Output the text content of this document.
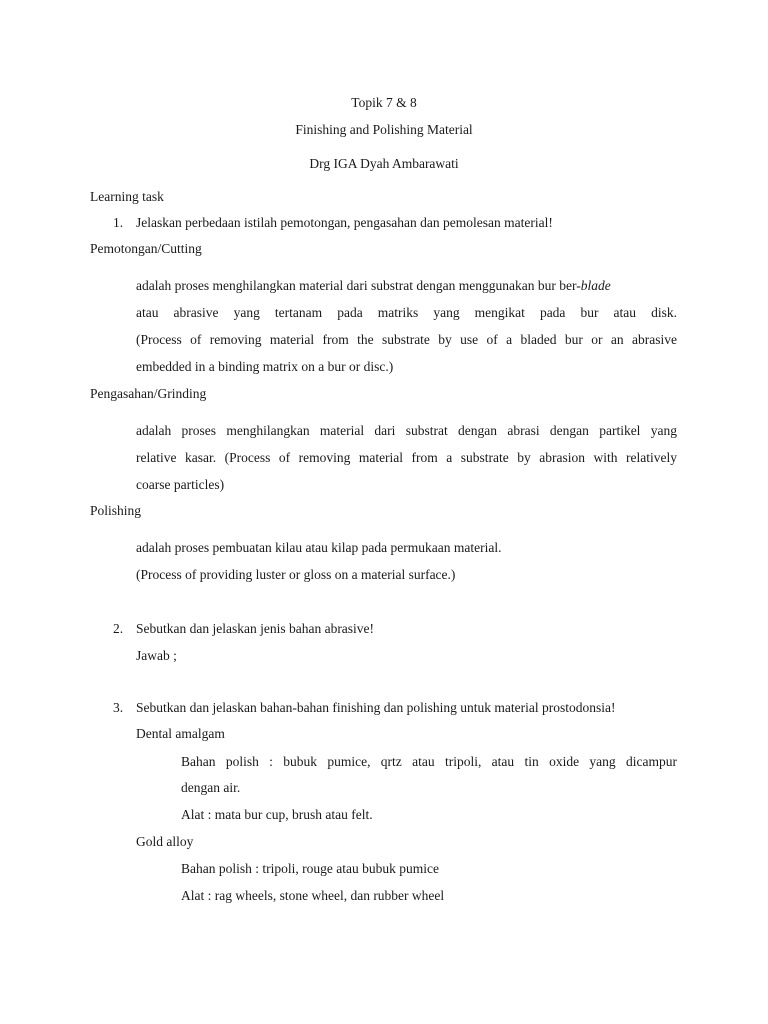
Topik 7 & 8
Finishing and Polishing Material
Drg IGA Dyah Ambarawati
Learning task
1. Jelaskan perbedaan istilah pemotongan, pengasahan dan pemolesan material!
Pemotongan/Cutting
adalah proses menghilangkan material dari substrat dengan menggunakan bur ber-blade
atau abrasive yang tertanam pada matriks yang mengikat pada bur atau disk.
(Process of removing material from the substrate by use of a bladed bur or an abrasive
embedded in a binding matrix on a bur or disc.)
Pengasahan/Grinding
adalah proses menghilangkan material dari substrat dengan abrasi dengan partikel yang
relative kasar. (Process of removing material from a substrate by abrasion with relatively
coarse particles)
Polishing
adalah proses pembuatan kilau atau kilap pada permukaan material.
(Process of providing luster or gloss on a material surface.)
2. Sebutkan dan jelaskan jenis bahan abrasive!
Jawab ;
3. Sebutkan dan jelaskan bahan-bahan finishing dan polishing untuk material prostodonsia!
Dental amalgam
Bahan polish : bubuk pumice, qrtz atau tripoli, atau tin oxide yang dicampur
dengan air.
Alat : mata bur cup, brush atau felt.
Gold alloy
Bahan polish : tripoli, rouge atau bubuk pumice
Alat : rag wheels, stone wheel, dan rubber wheel
